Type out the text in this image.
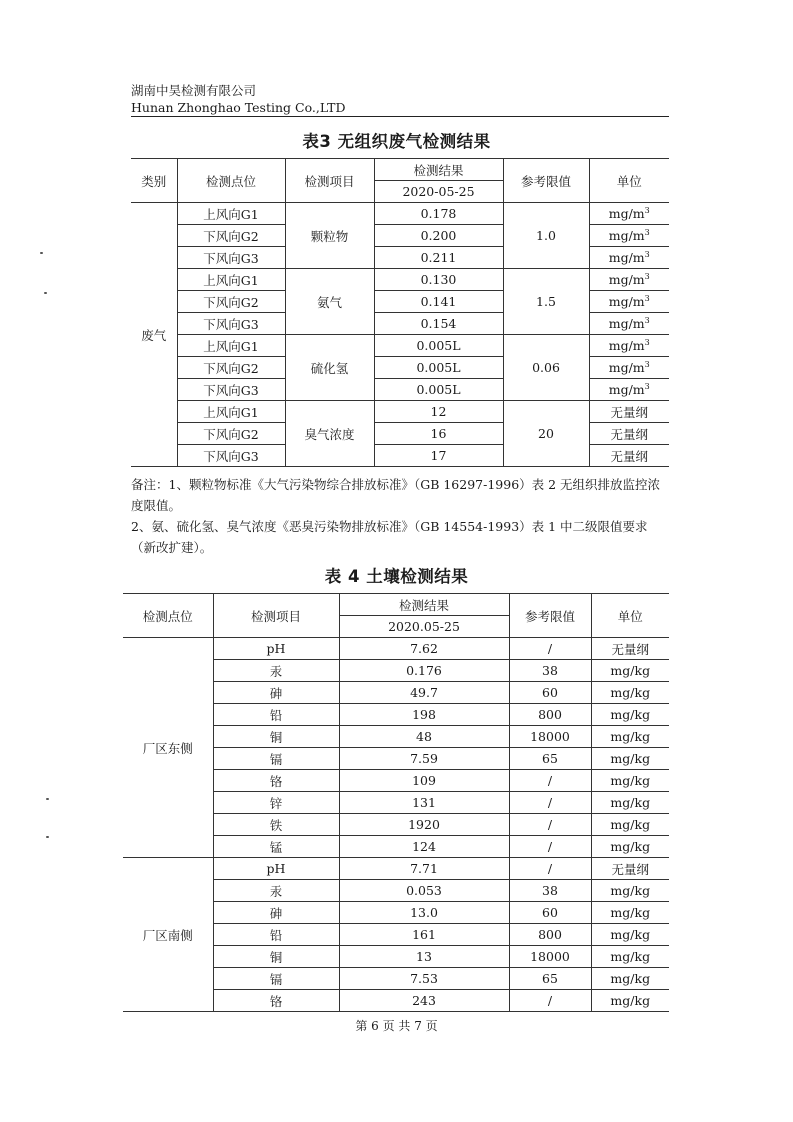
湖南中昊检测有限公司
Hunan Zhonghao Testing Co.,LTD
表3 无组织废气检测结果
类别	检测点位	检测项目	检测结果	参考限值	单位
			2020-05-25		
废气	上风向G1	颗粒物	0.178	1.0	$mg/m^3$
	下风向G2		0.200		$mg/m^3$
	下风向G3		0.211		$mg/m^3$
	上风向G1	氨气	0.130	1.5	$mg/m^3$
	下风向G2		0.141		$mg/m^3$
	下风向G3		0.154		$mg/m^3$
	上风向G1	硫化氢	0.005L	0.06	$mg/m^3$
	下风向G2		0.005L		$mg/m^3$
	下风向G3		0.005L		$mg/m^3$
	上风向G1	臭气浓度	12	20	无量纲
	下风向G2		16		无量纲
	下风向G3		17		无量纲
备注：1、颗粒物标准《大气污染物综合排放标准》（GB 16297-1996）表 2 无组织排放监控浓度限值。
2、氨、硫化氢、臭气浓度《恶臭污染物排放标准》（GB 14554-1993）表 1 中二级限值要求（新改扩建）。
表 4 土壤检测结果
检测点位	检测项目	检测结果	参考限值	单位
		2020.05-25		
厂区东侧	pH	7.62	/	无量纲
	汞	0.176	38	mg/kg
	砷	49.7	60	mg/kg
	铅	198	800	mg/kg
	铜	48	18000	mg/kg
	镉	7.59	65	mg/kg
	铬	109	/	mg/kg
	锌	131	/	mg/kg
	铁	1920	/	mg/kg
	锰	124	/	mg/kg
厂区南侧	pH	7.71	/	无量纲
	汞	0.053	38	mg/kg
	砷	13.0	60	mg/kg
	铅	161	800	mg/kg
	铜	13	18000	mg/kg
	镉	7.53	65	mg/kg
	铬	243	/	mg/kg
第 6 页 共 7 页
